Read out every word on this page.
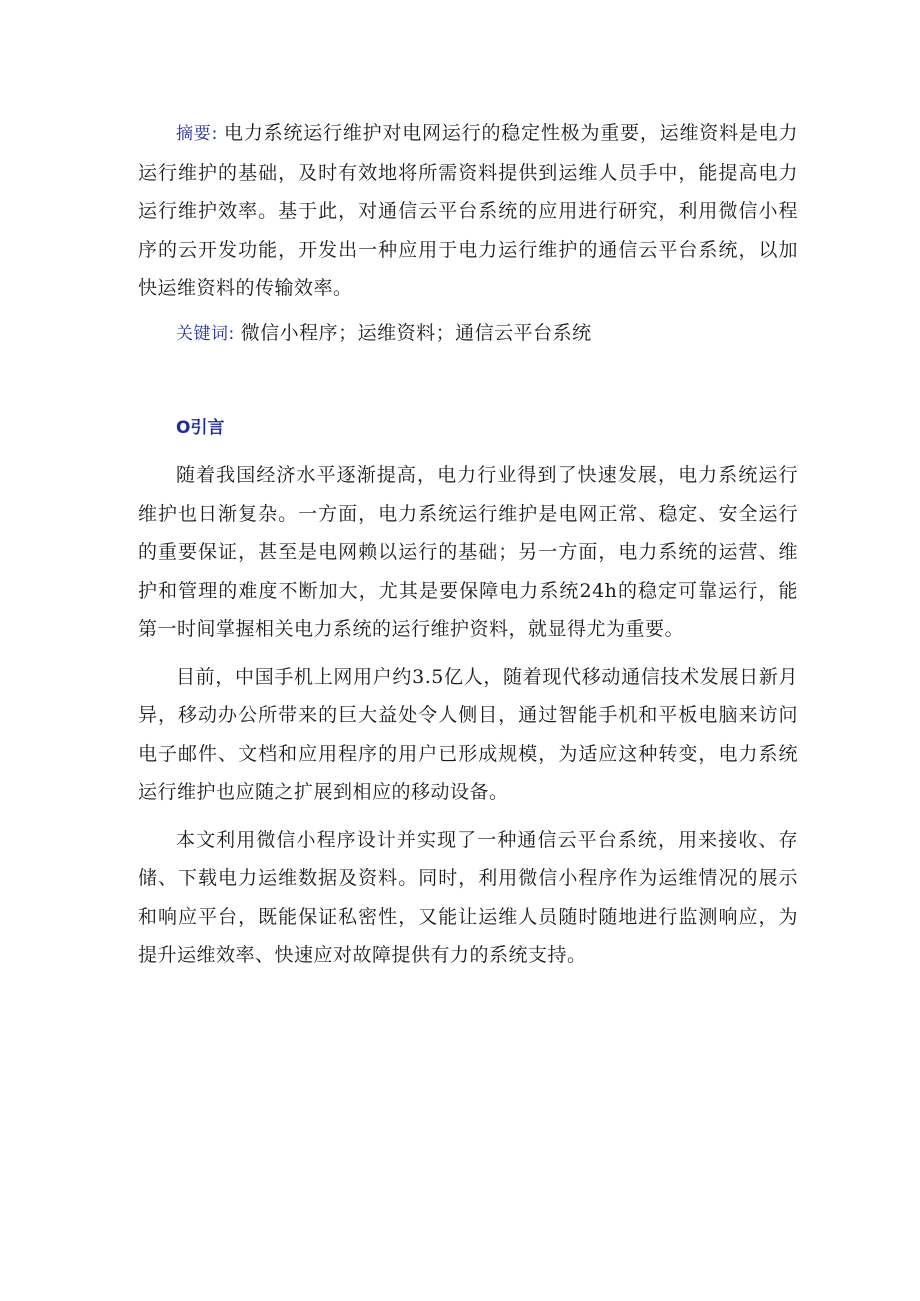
摘要: 电力系统运行维护对电网运行的稳定性极为重要，运维资料是电力运行维护的基础，及时有效地将所需资料提供到运维人员手中，能提高电力运行维护效率。基于此，对通信云平台系统的应用进行研究，利用微信小程序的云开发功能，开发出一种应用于电力运行维护的通信云平台系统，以加快运维资料的传输效率。

关键词: 微信小程序；运维资料；通信云平台系统

O引言

随着我国经济水平逐渐提高，电力行业得到了快速发展，电力系统运行维护也日渐复杂。一方面，电力系统运行维护是电网正常、稳定、安全运行的重要保证，甚至是电网赖以运行的基础；另一方面，电力系统的运营、维护和管理的难度不断加大，尤其是要保障电力系统24h的稳定可靠运行，能第一时间掌握相关电力系统的运行维护资料，就显得尤为重要。

目前，中国手机上网用户约3.5亿人，随着现代移动通信技术发展日新月异，移动办公所带来的巨大益处令人侧目，通过智能手机和平板电脑来访问电子邮件、文档和应用程序的用户已形成规模，为适应这种转变，电力系统运行维护也应随之扩展到相应的移动设备。

本文利用微信小程序设计并实现了一种通信云平台系统，用来接收、存储、下载电力运维数据及资料。同时，利用微信小程序作为运维情况的展示和响应平台，既能保证私密性，又能让运维人员随时随地进行监测响应，为提升运维效率、快速应对故障提供有力的系统支持。
